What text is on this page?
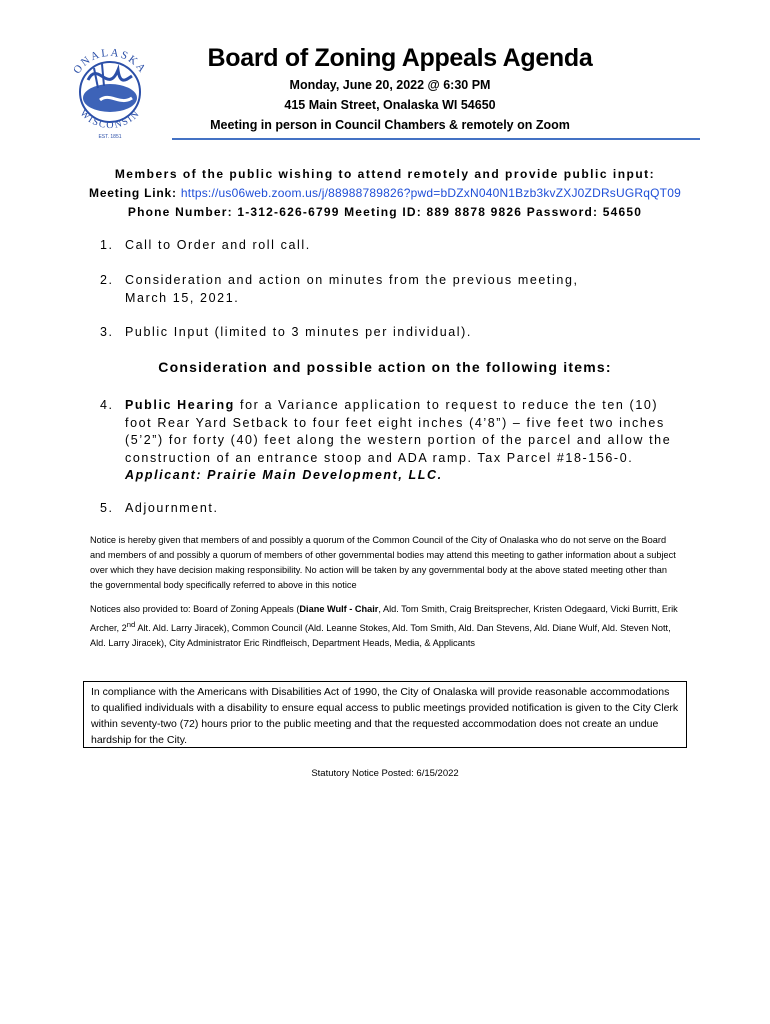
ONALASKA
WISCONSIN
EST. 1851
Board of Zoning Appeals Agenda
Monday, June 20, 2022 @ 6:30 PM
415 Main Street, Onalaska WI 54650
Meeting in person in Council Chambers & remotely on Zoom
Members of the public wishing to attend remotely and provide public input:
Meeting Link: https://us06web.zoom.us/j/88988789826?pwd=bDZxN040N1Bzb3kvZXJ0ZDRsUGRqQT09
Phone Number: 1-312-626-6799 Meeting ID: 889 8878 9826 Password: 54650
1. Call to Order and roll call.
2. Consideration and action on minutes from the previous meeting, March 15, 2021.
3. Public Input (limited to 3 minutes per individual).
Consideration and possible action on the following items:
4. Public Hearing for a Variance application to request to reduce the ten (10) foot Rear Yard Setback to four feet eight inches (4’8”) – five feet two inches (5’2”) for forty (40) feet along the western portion of the parcel and allow the construction of an entrance stoop and ADA ramp. Tax Parcel #18-156-0.
Applicant: Prairie Main Development, LLC.
5. Adjournment.
Notice is hereby given that members of and possibly a quorum of the Common Council of the City of Onalaska who do not serve on the Board and members of and possibly a quorum of members of other governmental bodies may attend this meeting to gather information about a subject over which they have decision making responsibility. No action will be taken by any governmental body at the above stated meeting other than the governmental body specifically referred to above in this notice
Notices also provided to: Board of Zoning Appeals (Diane Wulf - Chair, Ald. Tom Smith, Craig Breitsprecher, Kristen Odegaard, Vicki Burritt, Erik Archer, 2nd Alt. Ald. Larry Jiracek), Common Council (Ald. Leanne Stokes, Ald. Tom Smith, Ald. Dan Stevens, Ald. Diane Wulf, Ald. Steven Nott, Ald. Larry Jiracek), City Administrator Eric Rindfleisch, Department Heads, Media, & Applicants
In compliance with the Americans with Disabilities Act of 1990, the City of Onalaska will provide reasonable accommodations to qualified individuals with a disability to ensure equal access to public meetings provided notification is given to the City Clerk within seventy-two (72) hours prior to the public meeting and that the requested accommodation does not create an undue hardship for the City.
Statutory Notice Posted: 6/15/2022
